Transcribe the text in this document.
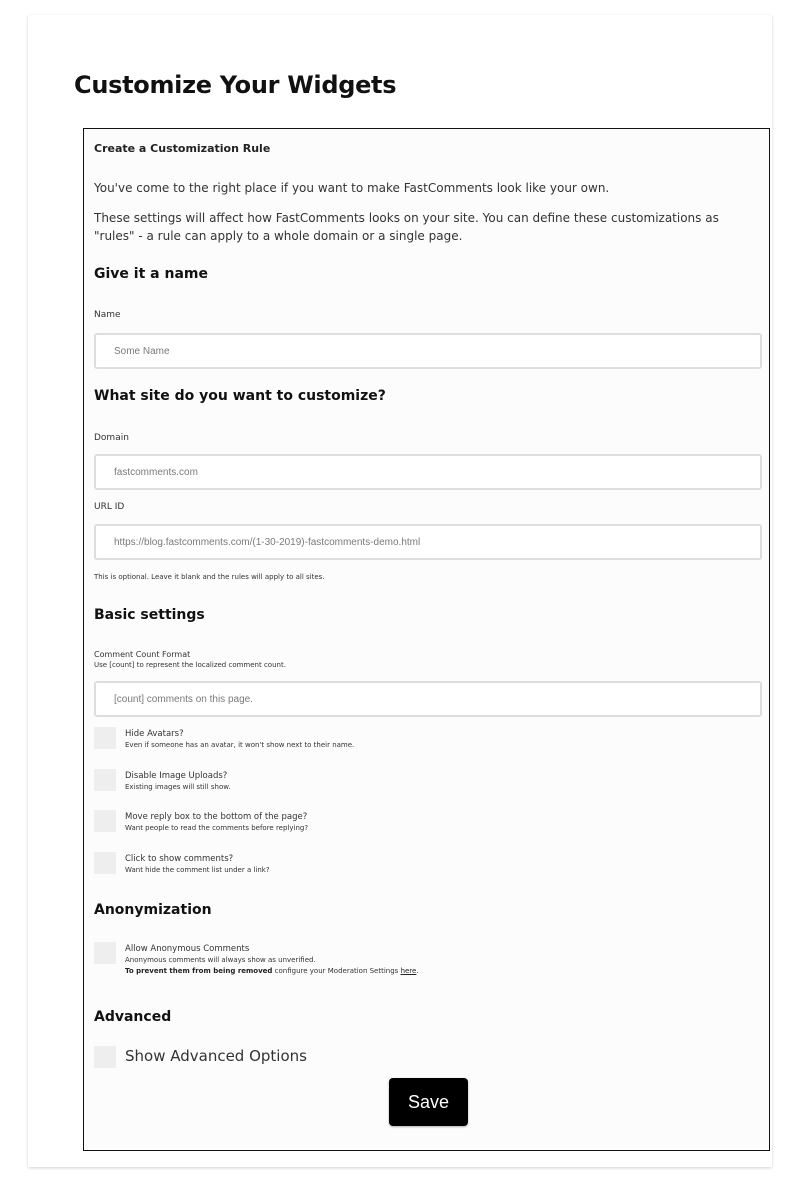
Customize Your Widgets
Create a Customization Rule
You've come to the right place if you want to make FastComments look like your own.
These settings will affect how FastComments looks on your site. You can define these customizations as "rules" - a rule can apply to a whole domain or a single page.
Give it a name
Name
Some Name
What site do you want to customize?
Domain
fastcomments.com
URL ID
https://blog.fastcomments.com/(1-30-2019)-fastcomments-demo.html
This is optional. Leave it blank and the rules will apply to all sites.
Basic settings
Comment Count Format
Use [count] to represent the localized comment count.
[count] comments on this page.
Hide Avatars?
Even if someone has an avatar, it won't show next to their name.
Disable Image Uploads?
Existing images will still show.
Move reply box to the bottom of the page?
Want people to read the comments before replying?
Click to show comments?
Want hide the comment list under a link?
Anonymization
Allow Anonymous Comments
Anonymous comments will always show as unverified.
To prevent them from being removed configure your Moderation Settings here.
Advanced
Show Advanced Options
Save
